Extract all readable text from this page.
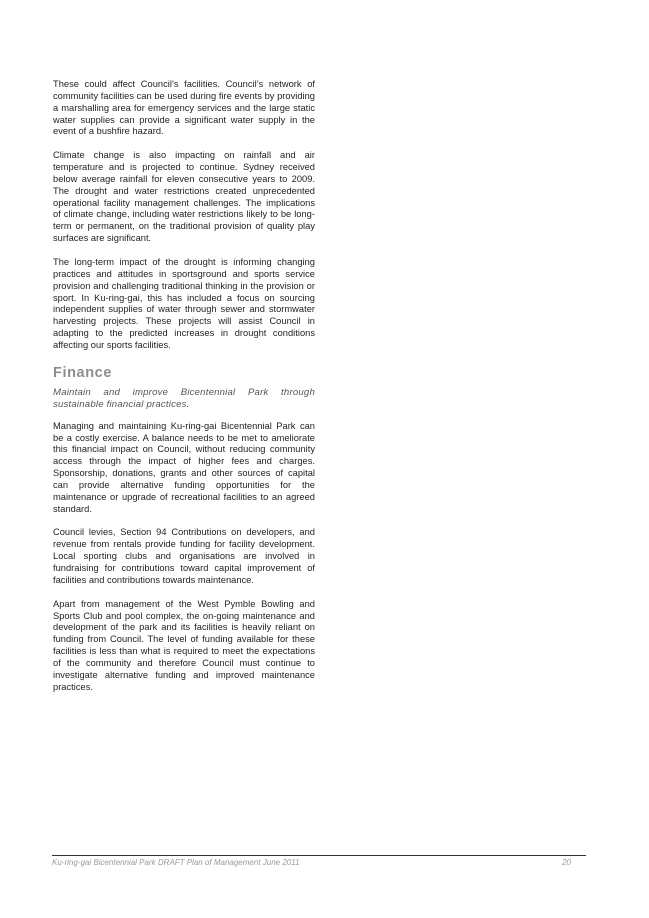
These could affect Council’s facilities. Council’s network of community facilities can be used during fire events by providing a marshalling area for emergency services and the large static water supplies can provide a significant water supply in the event of a bushfire hazard.

Climate change is also impacting on rainfall and air temperature and is projected to continue. Sydney received below average rainfall for eleven consecutive years to 2009. The drought and water restrictions created unprecedented operational facility management challenges. The implications of climate change, including water restrictions likely to be long-term or permanent, on the traditional provision of quality play surfaces are significant.

The long-term impact of the drought is informing changing practices and attitudes in sportsground and sports service provision and challenging traditional thinking in the provision or sport. In Ku-ring-gai, this has included a focus on sourcing independent supplies of water through sewer and stormwater harvesting projects. These projects will assist Council in adapting to the predicted increases in drought conditions affecting our sports facilities.

Finance

Maintain and improve Bicentennial Park through sustainable financial practices.

Managing and maintaining Ku-ring-gai Bicentennial Park can be a costly exercise. A balance needs to be met to ameliorate this financial impact on Council, without reducing community access through the impact of higher fees and charges. Sponsorship, donations, grants and other sources of capital can provide alternative funding opportunities for the maintenance or upgrade of recreational facilities to an agreed standard.

Council levies, Section 94 Contributions on developers, and revenue from rentals provide funding for facility development. Local sporting clubs and organisations are involved in fundraising for contributions toward capital improvement of facilities and contributions towards maintenance.

Apart from management of the West Pymble Bowling and Sports Club and pool complex, the on-going maintenance and development of the park and its facilities is heavily reliant on funding from Council. The level of funding available for these facilities is less than what is required to meet the expectations of the community and therefore Council must continue to investigate alternative funding and improved maintenance practices.

Ku-ring-gai Bicentennial Park DRAFT Plan of Management June 2011	20
